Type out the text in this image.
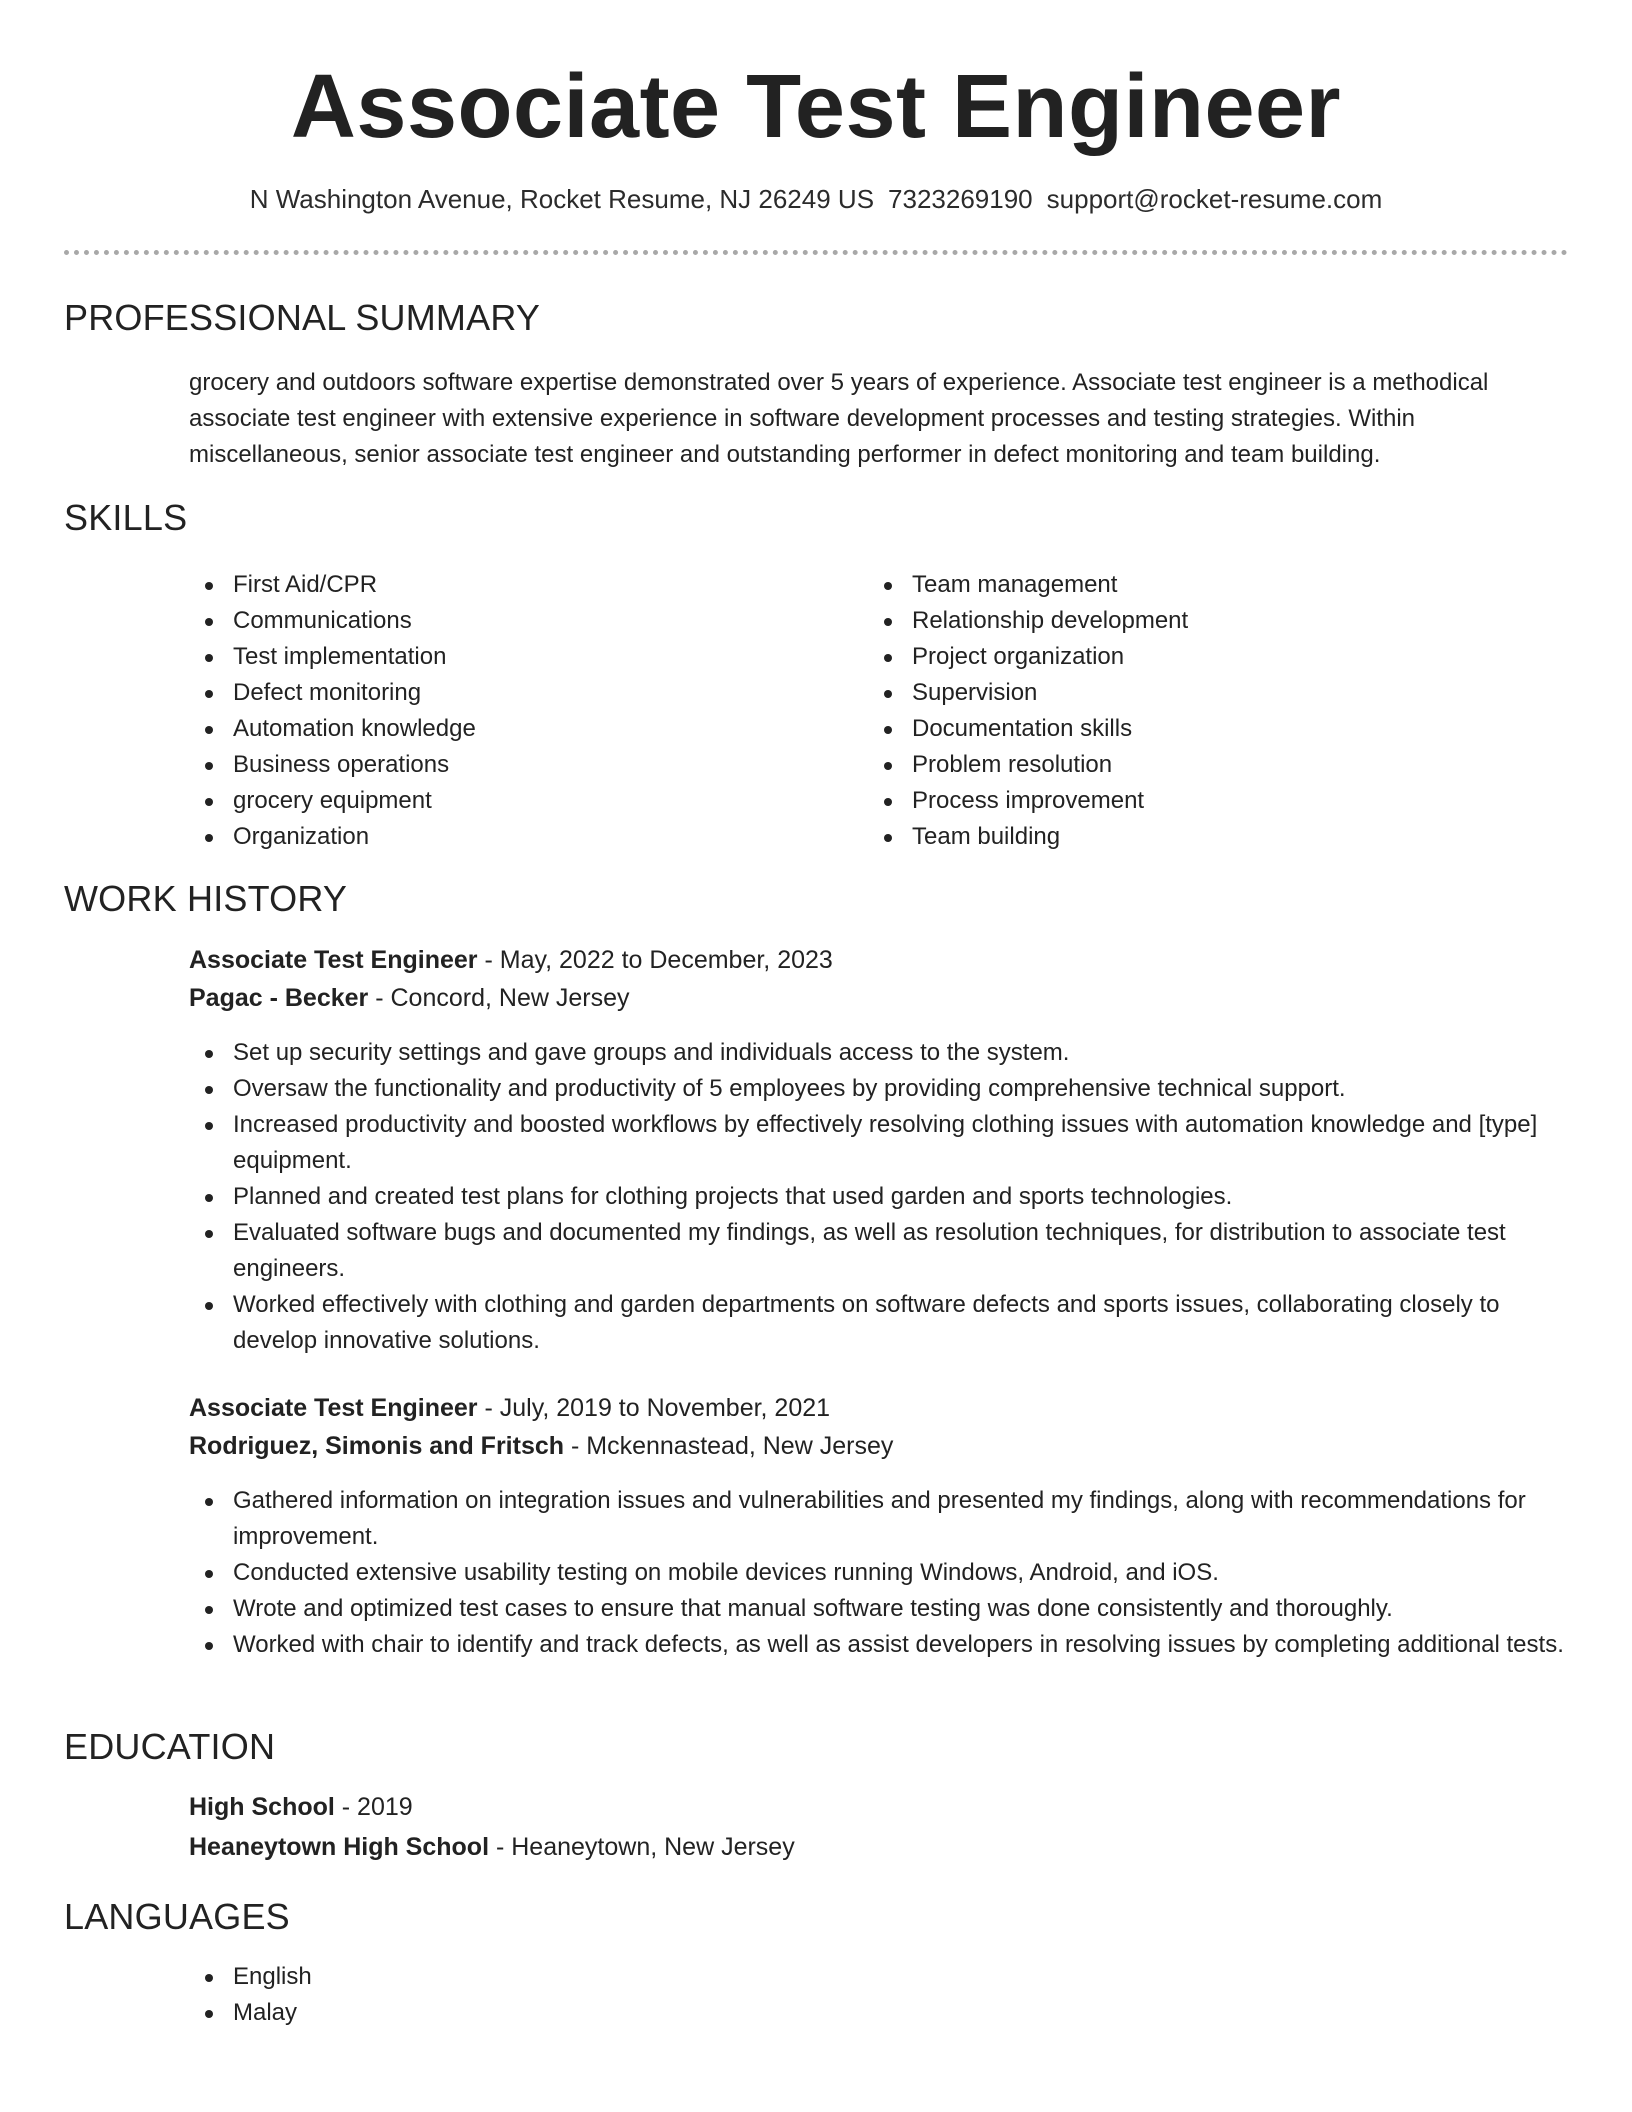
Associate Test Engineer
N Washington Avenue, Rocket Resume, NJ 26249 US 7323269190 support@rocket-resume.com
PROFESSIONAL SUMMARY

grocery and outdoors software expertise demonstrated over 5 years of experience. Associate test engineer is a methodical associate test engineer with extensive experience in software development processes and testing strategies. Within miscellaneous, senior associate test engineer and outstanding performer in defect monitoring and team building.

SKILLS
First Aid/CPR
Communications
Test implementation
Defect monitoring
Automation knowledge
Business operations
grocery equipment
Organization
Team management
Relationship development
Project organization
Supervision
Documentation skills
Problem resolution
Process improvement
Team building
WORK HISTORY
Associate Test Engineer - May, 2022 to December, 2023
Pagac - Becker - Concord, New Jersey
Set up security settings and gave groups and individuals access to the system.
Oversaw the functionality and productivity of 5 employees by providing comprehensive technical support.
Increased productivity and boosted workflows by effectively resolving clothing issues with automation knowledge and [type] equipment.
Planned and created test plans for clothing projects that used garden and sports technologies.
Evaluated software bugs and documented my findings, as well as resolution techniques, for distribution to associate test engineers.
Worked effectively with clothing and garden departments on software defects and sports issues, collaborating closely to develop innovative solutions.
Associate Test Engineer - July, 2019 to November, 2021
Rodriguez, Simonis and Fritsch - Mckennastead, New Jersey
Gathered information on integration issues and vulnerabilities and presented my findings, along with recommendations for improvement.
Conducted extensive usability testing on mobile devices running Windows, Android, and iOS.
Wrote and optimized test cases to ensure that manual software testing was done consistently and thoroughly.
Worked with chair to identify and track defects, as well as assist developers in resolving issues by completing additional tests.
EDUCATION
High School - 2019
Heaneytown High School - Heaneytown, New Jersey
LANGUAGES
English
Malay
